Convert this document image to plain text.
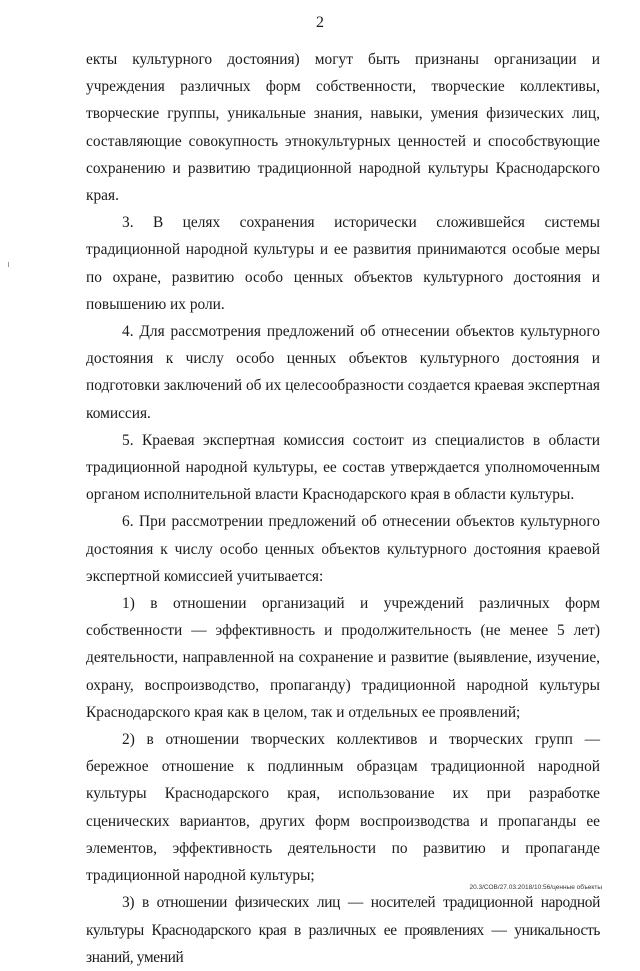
2

екты культурного достояния) могут быть признаны организации и учреждения различных форм собственности, творческие коллективы, творческие группы, уникальные знания, навыки, умения физических лиц, составляющие совокупность этнокультурных ценностей и способствующие сохранению и развитию традиционной народной культуры Краснодарского края.

3. В целях сохранения исторически сложившейся системы традиционной народной культуры и ее развития принимаются особые меры по охране, развитию особо ценных объектов культурного достояния и повышению их роли.

4. Для рассмотрения предложений об отнесении объектов культурного достояния к числу особо ценных объектов культурного достояния и подготовки заключений об их целесообразности создается краевая экспертная комиссия.

5. Краевая экспертная комиссия состоит из специалистов в области традиционной народной культуры, ее состав утверждается уполномоченным органом исполнительной власти Краснодарского края в области культуры.

6. При рассмотрении предложений об отнесении объектов культурного достояния к числу особо ценных объектов культурного достояния краевой экспертной комиссией учитывается:

1) в отношении организаций и учреждений различных форм собственности — эффективность и продолжительность (не менее 5 лет) деятельности, направленной на сохранение и развитие (выявление, изучение, охрану, воспроизводство, пропаганду) традиционной народной культуры Краснодарского края как в целом, так и отдельных ее проявлений;

2) в отношении творческих коллективов и творческих групп — бережное отношение к подлинным образцам традиционной народной культуры Краснодарского края, использование их при разработке сценических вариантов, других форм воспроизводства и пропаганды ее элементов, эффективность деятельности по развитию и пропаганде традиционной народной культуры;

3) в отношении физических лиц — носителей традиционной народной культуры Краснодарского края в различных ее проявлениях — уникальность знаний, умений

20.3/СОВ/27.03.2018/10:56/ценные объекты
